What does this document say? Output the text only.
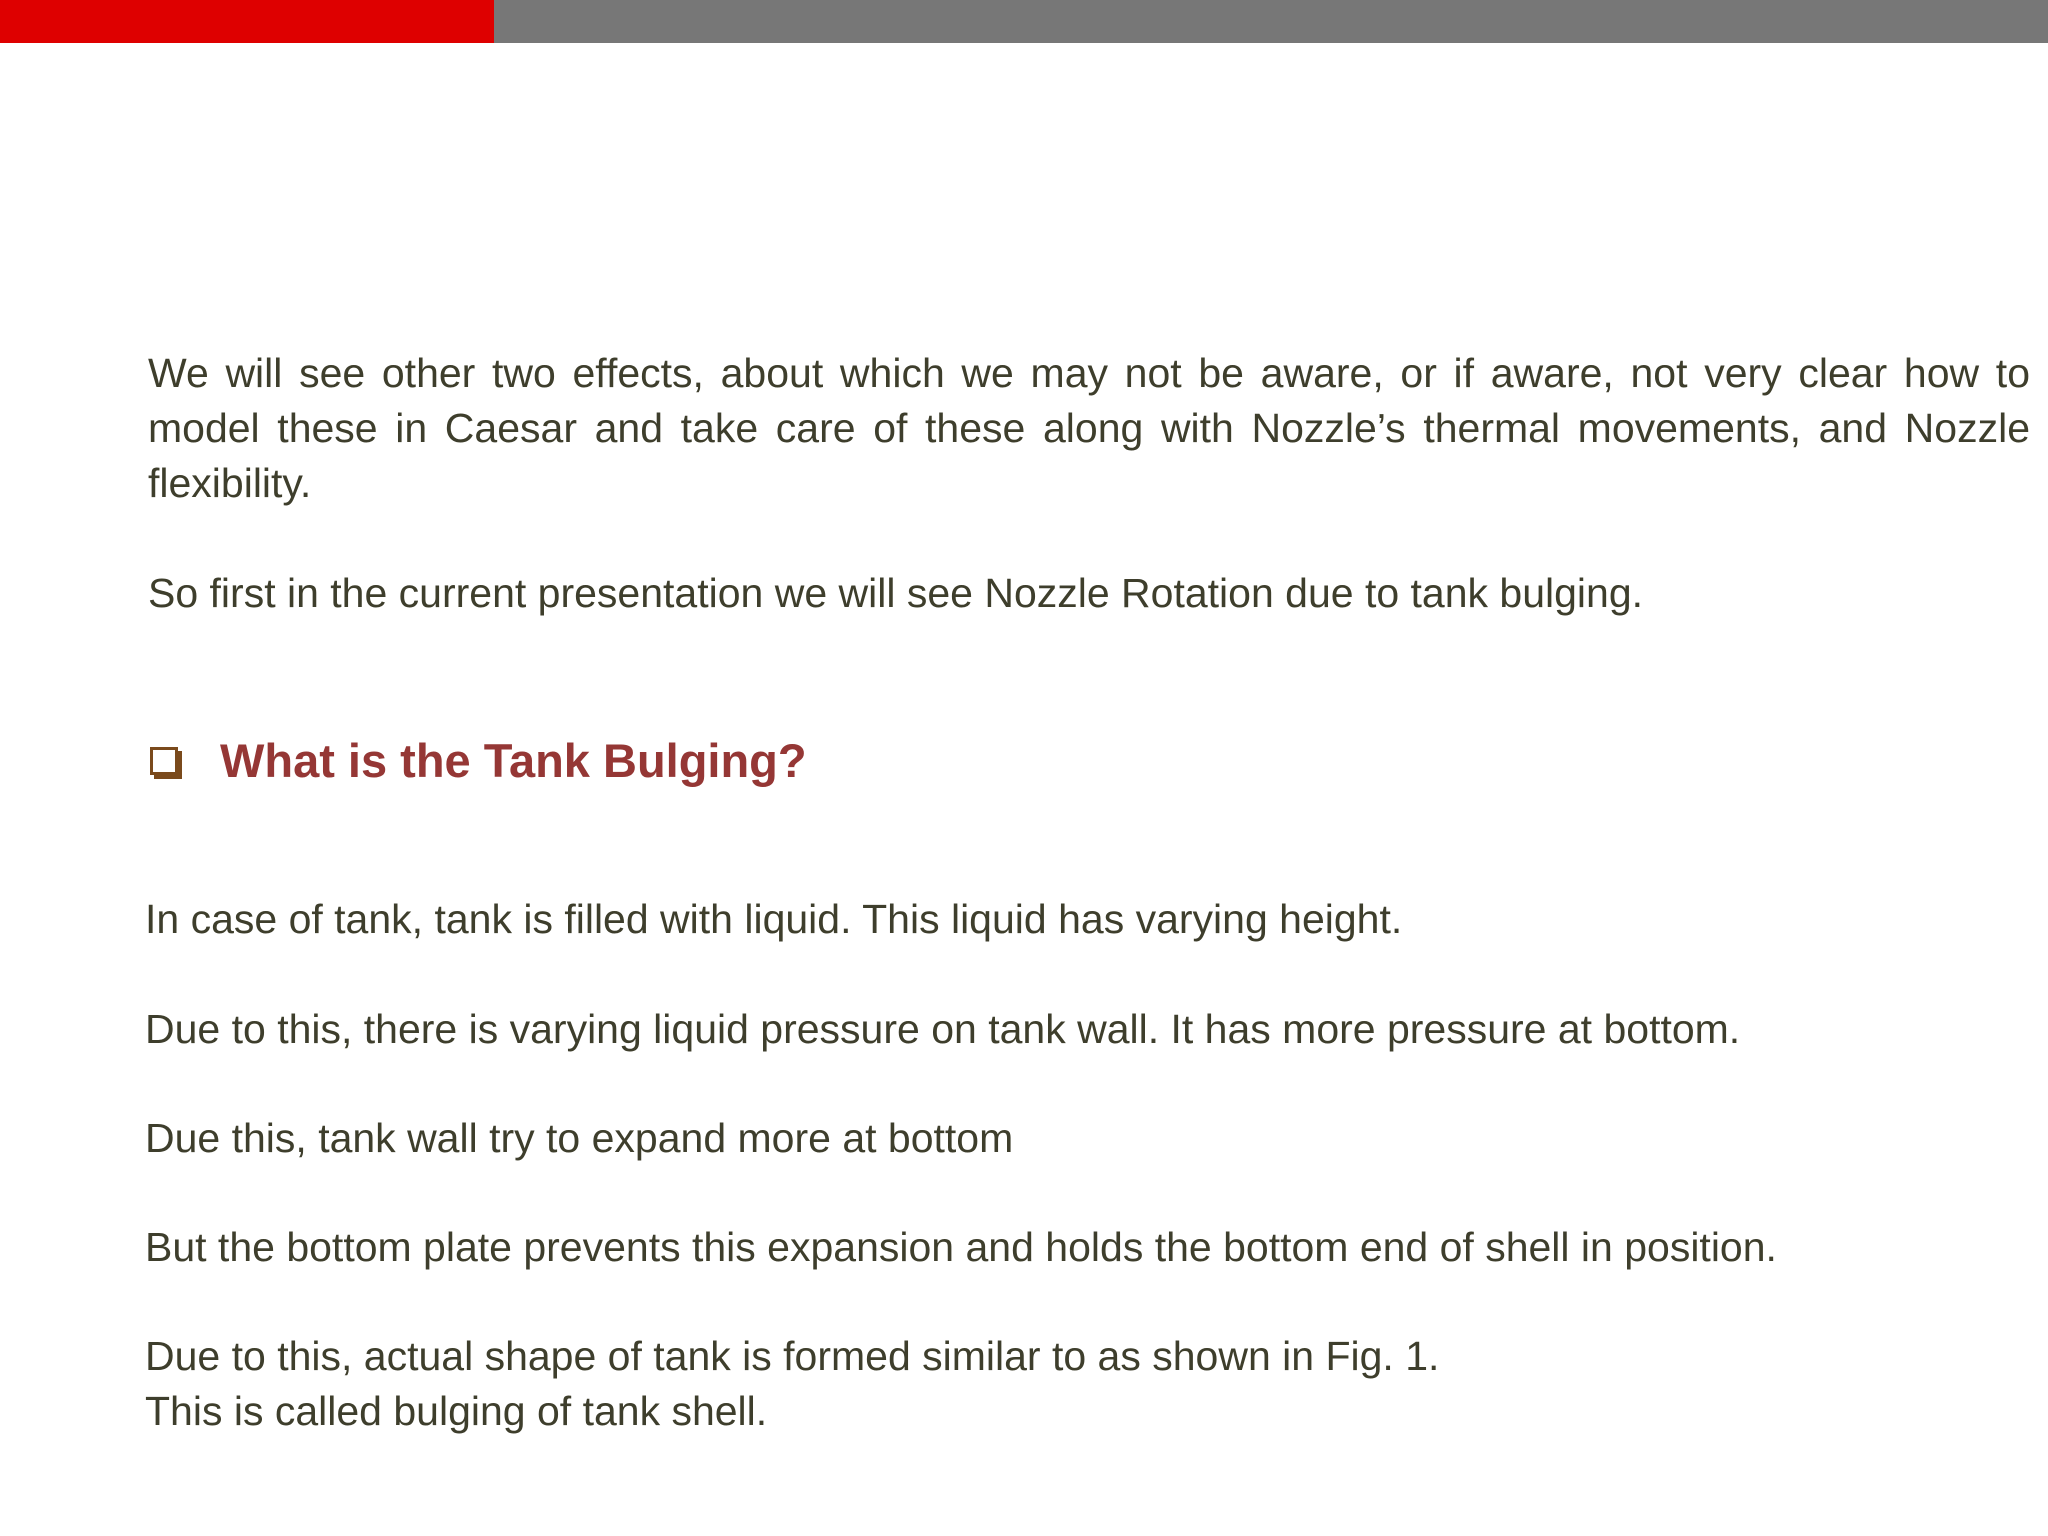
We will see other two effects, about which we may not be aware, or if aware, not very clear how to model these in Caesar and take care of these along with Nozzle’s thermal movements, and Nozzle flexibility.

So first in the current presentation we will see Nozzle Rotation due to tank bulging.

What is the Tank Bulging?

In case of tank, tank is filled with liquid. This liquid has varying height.

Due to this, there is varying liquid pressure on tank wall. It has more pressure at bottom.

Due this, tank wall try to expand more at bottom

But the bottom plate prevents this expansion and holds the bottom end of shell in position.

Due to this, actual shape of tank is formed similar to as shown in Fig. 1.

This is called bulging of tank shell.
